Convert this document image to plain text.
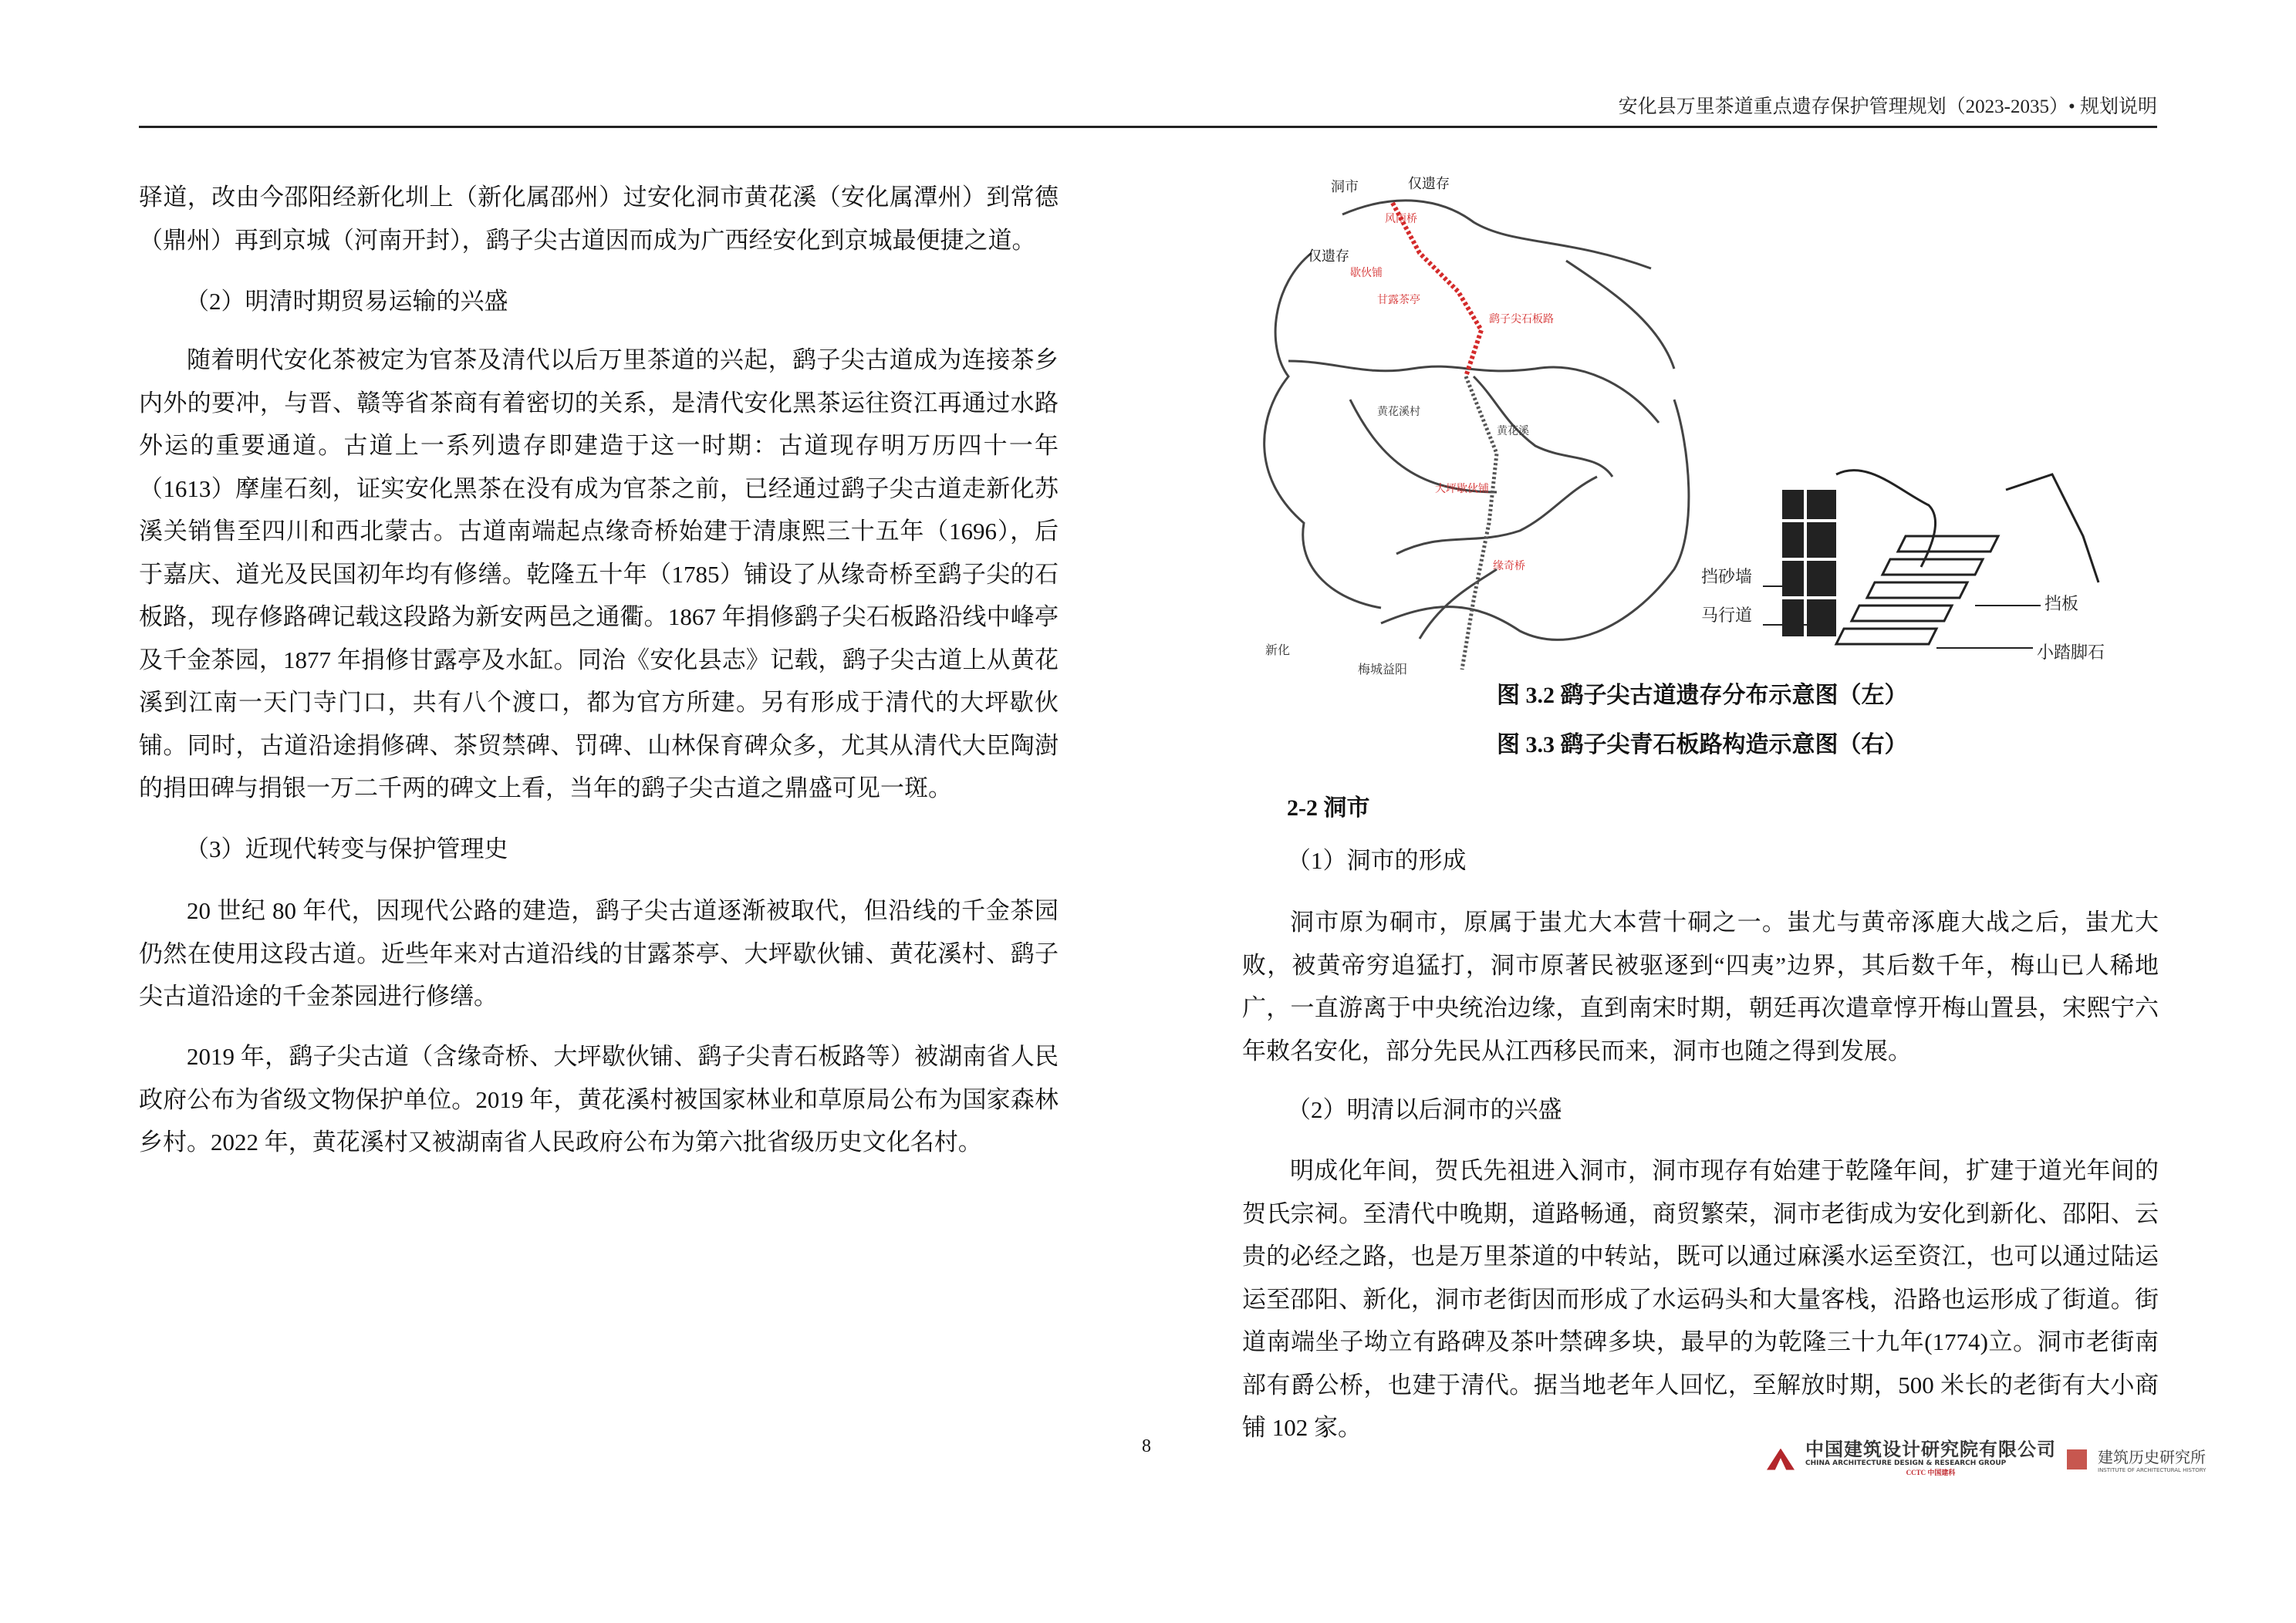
安化县万里茶道重点遗存保护管理规划（2023-2035）• 规划说明

驿道，改由今邵阳经新化圳上（新化属邵州）过安化洞市黄花溪（安化属潭州）到常德（鼎州）再到京城（河南开封），鹞子尖古道因而成为广西经安化到京城最便捷之道。

（2）明清时期贸易运输的兴盛

随着明代安化茶被定为官茶及清代以后万里茶道的兴起，鹞子尖古道成为连接茶乡内外的要冲，与晋、赣等省茶商有着密切的关系，是清代安化黑茶运往资江再通过水路外运的重要通道。古道上一系列遗存即建造于这一时期：古道现存明万历四十一年（1613）摩崖石刻，证实安化黑茶在没有成为官茶之前，已经通过鹞子尖古道走新化苏溪关销售至四川和西北蒙古。古道南端起点缘奇桥始建于清康熙三十五年（1696），后于嘉庆、道光及民国初年均有修缮。乾隆五十年（1785）铺设了从缘奇桥至鹞子尖的石板路，现存修路碑记载这段路为新安两邑之通衢。1867 年捐修鹞子尖石板路沿线中峰亭及千金茶园，1877 年捐修甘露亭及水缸。同治《安化县志》记载，鹞子尖古道上从黄花溪到江南一天门寺门口，共有八个渡口，都为官方所建。另有形成于清代的大坪歇伙铺。同时，古道沿途捐修碑、茶贸禁碑、罚碑、山林保育碑众多，尤其从清代大臣陶澍的捐田碑与捐银一万二千两的碑文上看，当年的鹞子尖古道之鼎盛可见一斑。

（3）近现代转变与保护管理史

20 世纪 80 年代，因现代公路的建造，鹞子尖古道逐渐被取代，但沿线的千金茶园仍然在使用这段古道。近些年来对古道沿线的甘露茶亭、大坪歇伙铺、黄花溪村、鹞子尖古道沿途的千金茶园进行修缮。

2019 年，鹞子尖古道（含缘奇桥、大坪歇伙铺、鹞子尖青石板路等）被湖南省人民政府公布为省级文物保护单位。2019 年，黄花溪村被国家林业和草原局公布为国家森林乡村。2022 年，黄花溪村又被湖南省人民政府公布为第六批省级历史文化名村。

洞市	仅遗存
仅遗存
风雨桥
歇伙铺
甘露茶亭
鹞子尖石板路
黄花溪村
黄花溪
大坪歇伙铺
缘奇桥
新化
梅城益阳
挡砂墙
马行道
挡板
小踏脚石
图 3.2 鹞子尖古道遗存分布示意图（左）
图 3.3 鹞子尖青石板路构造示意图（右）
2-2 洞市

（1）洞市的形成

洞市原为硐市，原属于蚩尤大本营十硐之一。蚩尤与黄帝涿鹿大战之后，蚩尤大败，被黄帝穷追猛打，洞市原著民被驱逐到“四夷”边界，其后数千年，梅山已人稀地广，一直游离于中央统治边缘，直到南宋时期，朝廷再次遣章惇开梅山置县，宋熙宁六年敕名安化，部分先民从江西移民而来，洞市也随之得到发展。

（2）明清以后洞市的兴盛

明成化年间，贺氏先祖进入洞市，洞市现存有始建于乾隆年间，扩建于道光年间的贺氏宗祠。至清代中晚期，道路畅通，商贸繁荣，洞市老街成为安化到新化、邵阳、云贵的必经之路，也是万里茶道的中转站，既可以通过麻溪水运至资江，也可以通过陆运运至邵阳、新化，洞市老街因而形成了水运码头和大量客栈，沿路也运形成了街道。街道南端坐子坳立有路碑及茶叶禁碑多块，最早的为乾隆三十九年(1774)立。洞市老街南部有爵公桥，也建于清代。据当地老年人回忆，至解放时期，500 米长的老街有大小商铺 102 家。

8	中国建筑设计研究院有限公司
CHINA ARCHITECTURE DESIGN & RESEARCH GROUP
CCTC 中国建科
建筑历史研究所
INSTITUTE OF ARCHITECTURAL HISTORY
